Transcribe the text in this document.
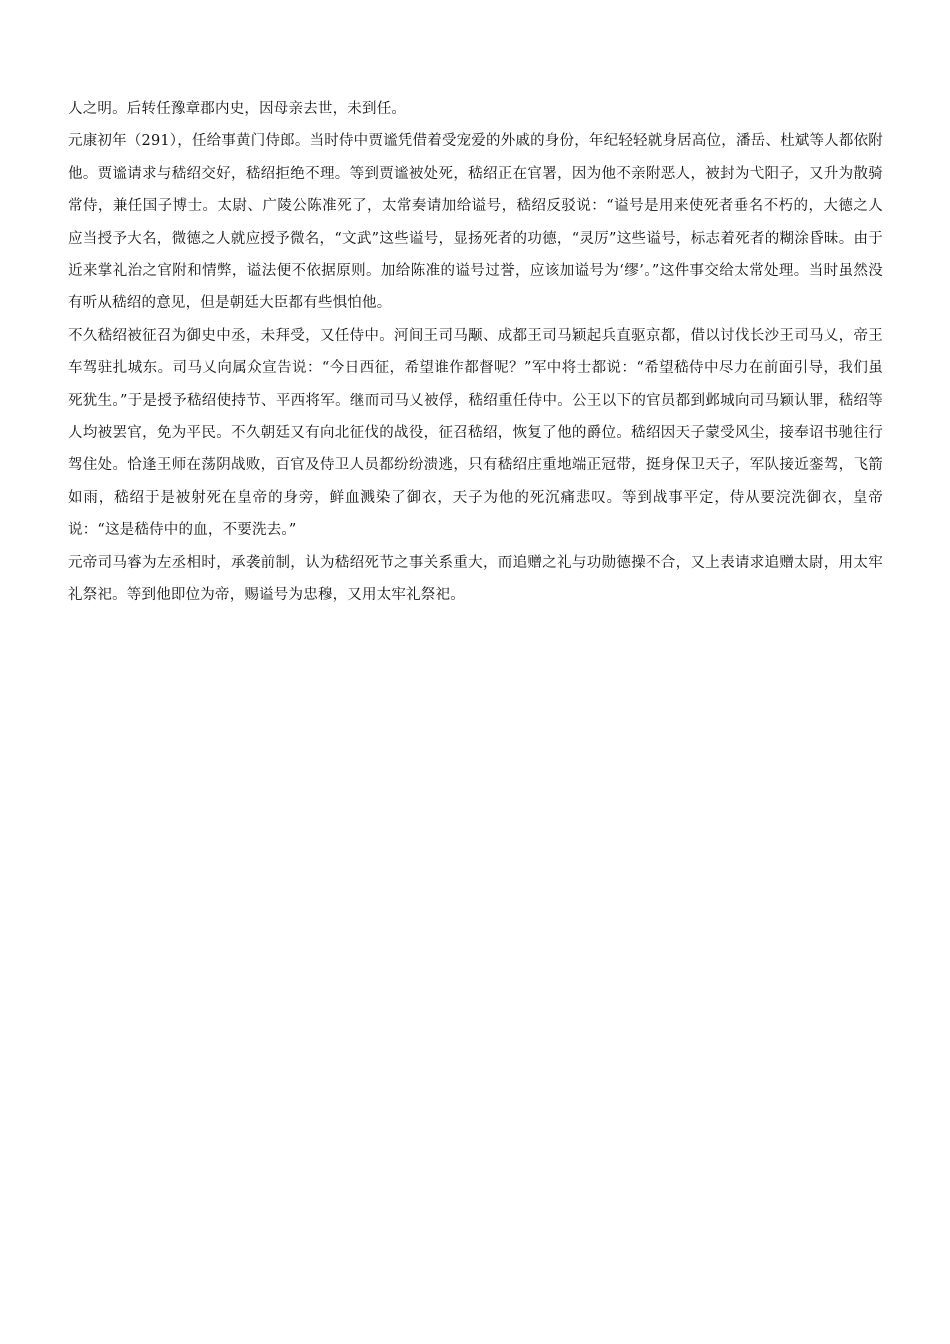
人之明。后转任豫章郡内史，因母亲去世，未到任。

元康初年（291），任给事黄门侍郎。当时侍中贾谧凭借着受宠爱的外戚的身份，年纪轻轻就身居高位，潘岳、杜斌等人都依附他。贾谧请求与嵇绍交好，嵇绍拒绝不理。等到贾谧被处死，嵇绍正在官署，因为他不亲附恶人，被封为弋阳子，又升为散骑常侍，兼任国子博士。太尉、广陵公陈准死了，太常奏请加给谥号，嵇绍反驳说：“谥号是用来使死者垂名不朽的，大德之人应当授予大名，微德之人就应授予微名，“文武”这些谥号，显扬死者的功德，“灵厉”这些谥号，标志着死者的糊涂昏昧。由于近来掌礼治之官附和情弊，谥法便不依据原则。加给陈准的谥号过誉，应该加谥号为‘缪’。”这件事交给太常处理。当时虽然没有听从嵇绍的意见，但是朝廷大臣都有些惧怕他。

不久嵇绍被征召为御史中丞，未拜受，又任侍中。河间王司马颙、成都王司马颖起兵直驱京都，借以讨伐长沙王司马乂，帝王车驾驻扎城东。司马乂向属众宣告说：“今日西征，希望谁作都督呢？”军中将士都说：“希望嵇侍中尽力在前面引导，我们虽死犹生。”于是授予嵇绍使持节、平西将军。继而司马乂被俘，嵇绍重任侍中。公王以下的官员都到邺城向司马颖认罪，嵇绍等人均被罢官，免为平民。不久朝廷又有向北征伐的战役，征召嵇绍，恢复了他的爵位。嵇绍因天子蒙受风尘，接奉诏书驰往行驾住处。恰逢王师在荡阴战败，百官及侍卫人员都纷纷溃逃，只有嵇绍庄重地端正冠带，挺身保卫天子，军队接近銮驾，飞箭如雨，嵇绍于是被射死在皇帝的身旁，鲜血溅染了御衣，天子为他的死沉痛悲叹。等到战事平定，侍从要浣洗御衣，皇帝说：“这是嵇侍中的血，不要洗去。”

元帝司马睿为左丞相时，承袭前制，认为嵇绍死节之事关系重大，而追赠之礼与功勋德操不合，又上表请求追赠太尉，用太牢礼祭祀。等到他即位为帝，赐谥号为忠穆，又用太牢礼祭祀。
